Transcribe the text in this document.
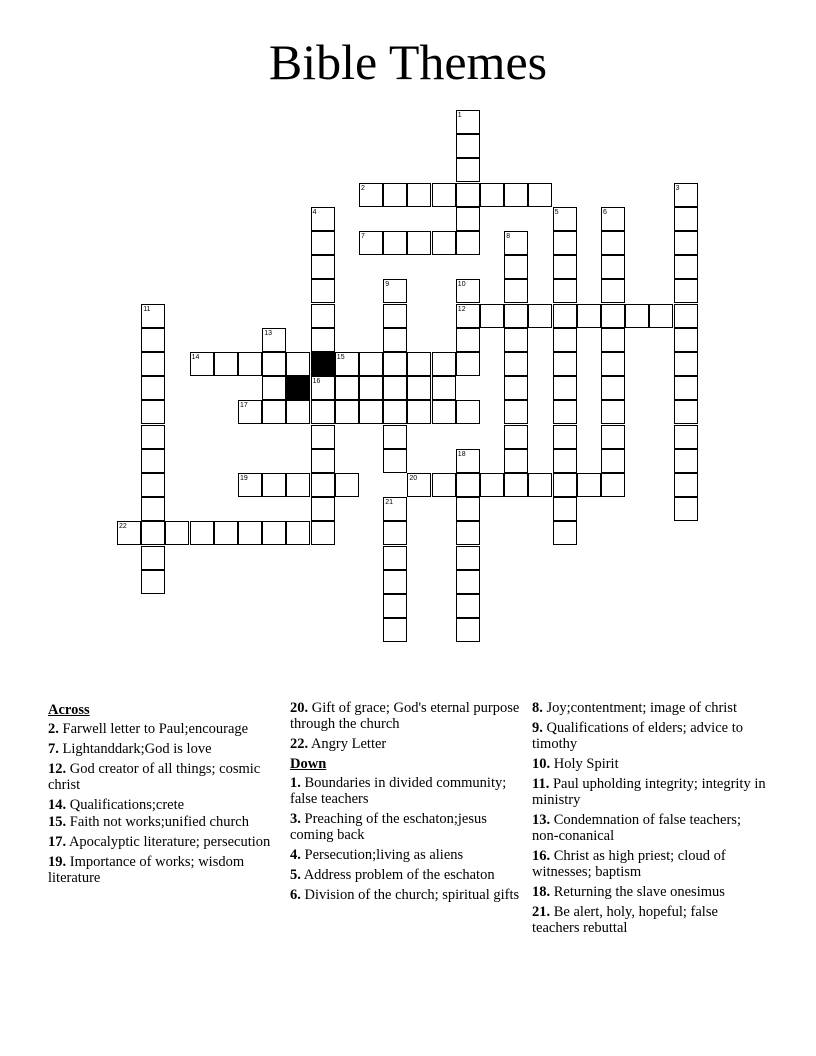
Bible Themes
2
7
12
14	15
16
17
19	20
22
1
3
4	5	6
8
9	10
11
13
18
21
Across
2. Farwell letter to Paul;encourage
7. Lightanddark;God is love
12. God creator of all things; cosmic christ
14. Qualifications;crete
15. Faith not works;unified church
17. Apocalyptic literature; persecution
19. Importance of works; wisdom literature
20. Gift of grace; God's eternal purpose through the church
22. Angry Letter
Down
1. Boundaries in divided community; false teachers
3. Preaching of the eschaton;jesus coming back
4. Persecution;living as aliens
5. Address problem of the eschaton
6. Division of the church; spiritual gifts
8. Joy;contentment; image of christ
9. Qualifications of elders; advice to timothy
10. Holy Spirit
11. Paul upholding integrity; integrity in ministry
13. Condemnation of false teachers; non-conanical
16. Christ as high priest; cloud of witnesses; baptism
18. Returning the slave onesimus
21. Be alert, holy, hopeful; false teachers rebuttal
